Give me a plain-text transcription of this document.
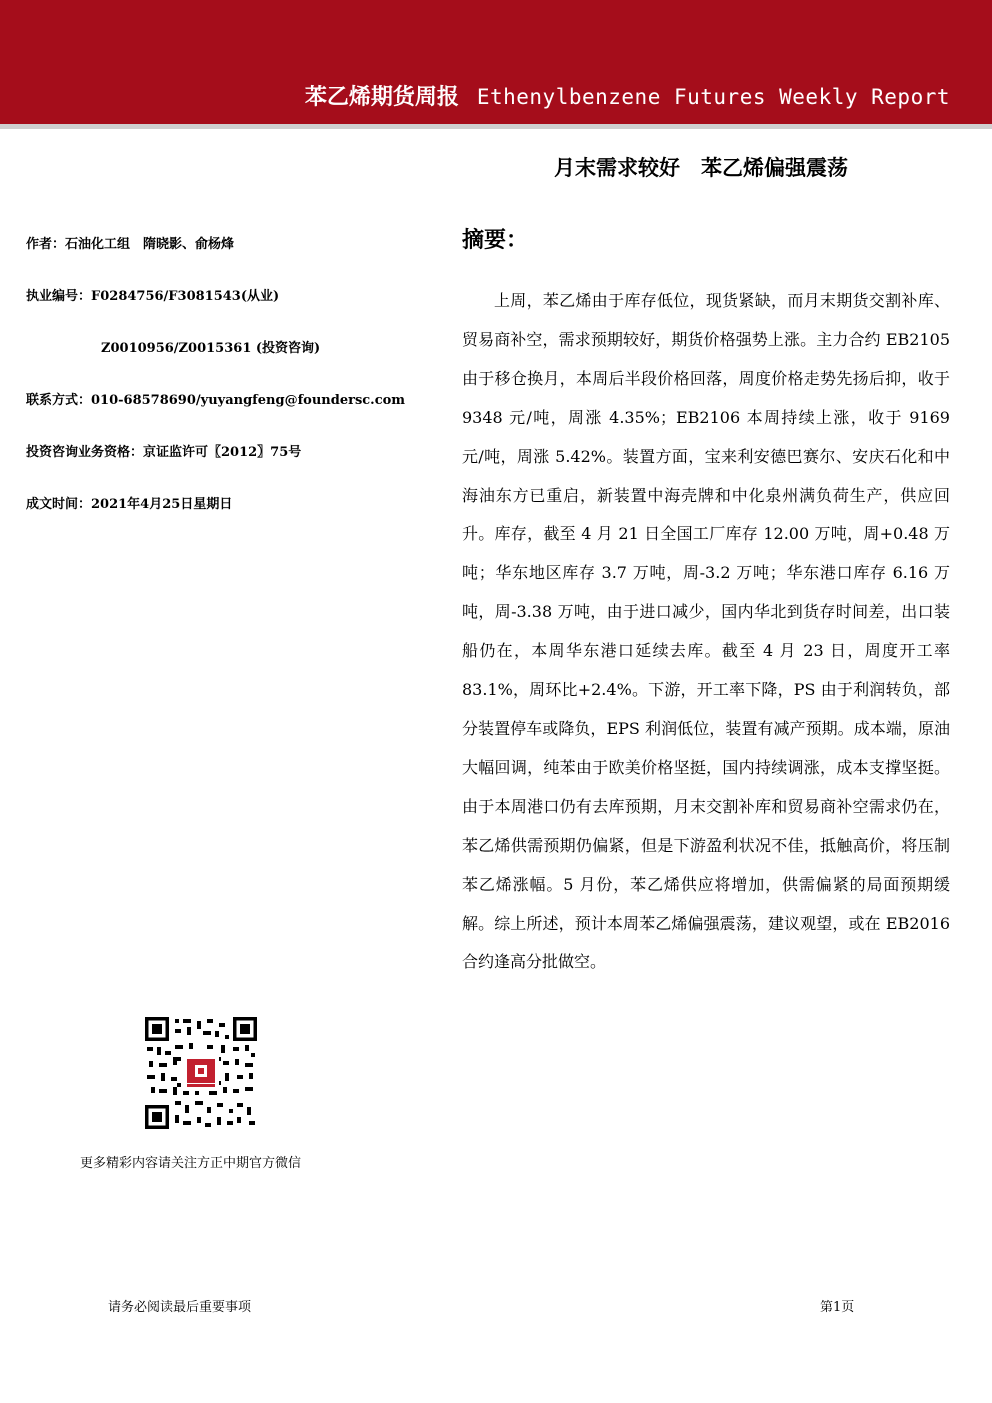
苯乙烯期货周报 Ethenylbenzene Futures Weekly Report
月末需求较好　苯乙烯偏强震荡
作者：石油化工组　隋晓影、俞杨烽
执业编号：F0284756/F3081543(从业)
Z0010956/Z0015361 (投资咨询)
联系方式：010-68578690/yuyangfeng@foundersc.com
投资咨询业务资格：京证监许可〖2012〗75号
成文时间：2021年4月25日星期日
摘要：

上周，苯乙烯由于库存低位，现货紧缺，而月末期货交割补库、贸易商补空，需求预期较好，期货价格强势上涨。主力合约 EB2105 由于移仓换月，本周后半段价格回落，周度价格走势先扬后抑，收于 9348 元/吨，周涨 4.35%；EB2106 本周持续上涨，收于 9169 元/吨，周涨 5.42%。装置方面，宝来利安德巴赛尔、安庆石化和中海油东方已重启，新装置中海壳牌和中化泉州满负荷生产，供应回升。库存，截至 4 月 21 日全国工厂库存 12.00 万吨，周+0.48 万吨；华东地区库存 3.7 万吨，周-3.2 万吨；华东港口库存 6.16 万吨，周-3.38 万吨，由于进口减少，国内华北到货存时间差，出口装船仍在，本周华东港口延续去库。截至 4 月 23 日，周度开工率 83.1%，周环比+2.4%。下游，开工率下降，PS 由于利润转负，部分装置停车或降负，EPS 利润低位，装置有减产预期。成本端，原油大幅回调，纯苯由于欧美价格坚挺，国内持续调涨，成本支撑坚挺。由于本周港口仍有去库预期，月末交割补库和贸易商补空需求仍在，苯乙烯供需预期仍偏紧，但是下游盈利状况不佳，抵触高价，将压制苯乙烯涨幅。5 月份，苯乙烯供应将增加，供需偏紧的局面预期缓解。综上所述，预计本周苯乙烯偏强震荡，建议观望，或在 EB2016 合约逢高分批做空。

更多精彩内容请关注方正中期官方微信
请务必阅读最后重要事项	第1页
